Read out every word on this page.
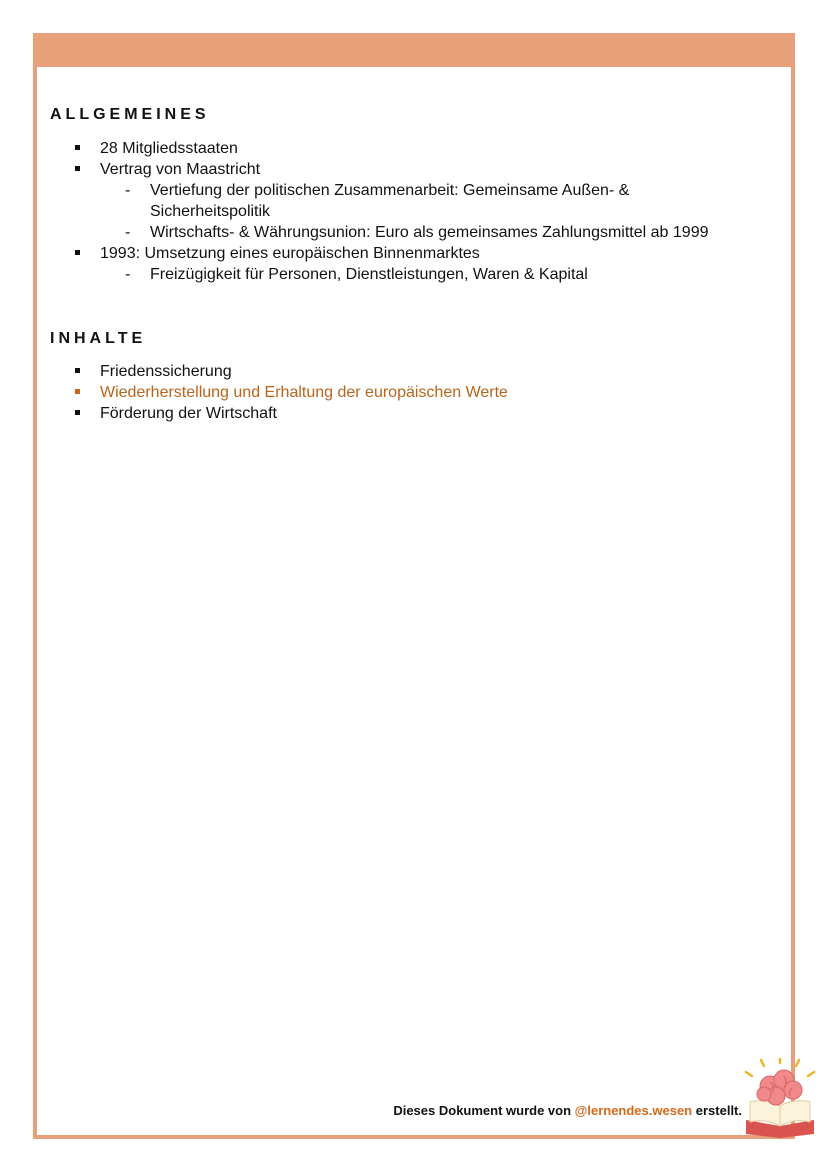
ALLGEMEINES
28 Mitgliedsstaaten
Vertrag von Maastricht
- Vertiefung der politischen Zusammenarbeit: Gemeinsame Außen- &
Sicherheitspolitik
- Wirtschafts- & Währungsunion: Euro als gemeinsames Zahlungsmittel ab 1999
1993: Umsetzung eines europäischen Binnenmarktes
- Freizügigkeit für Personen, Dienstleistungen, Waren & Kapital
INHALTE
Friedenssicherung
Wiederherstellung und Erhaltung der europäischen Werte
Förderung der Wirtschaft
Dieses Dokument wurde von @lernendes.wesen erstellt.
